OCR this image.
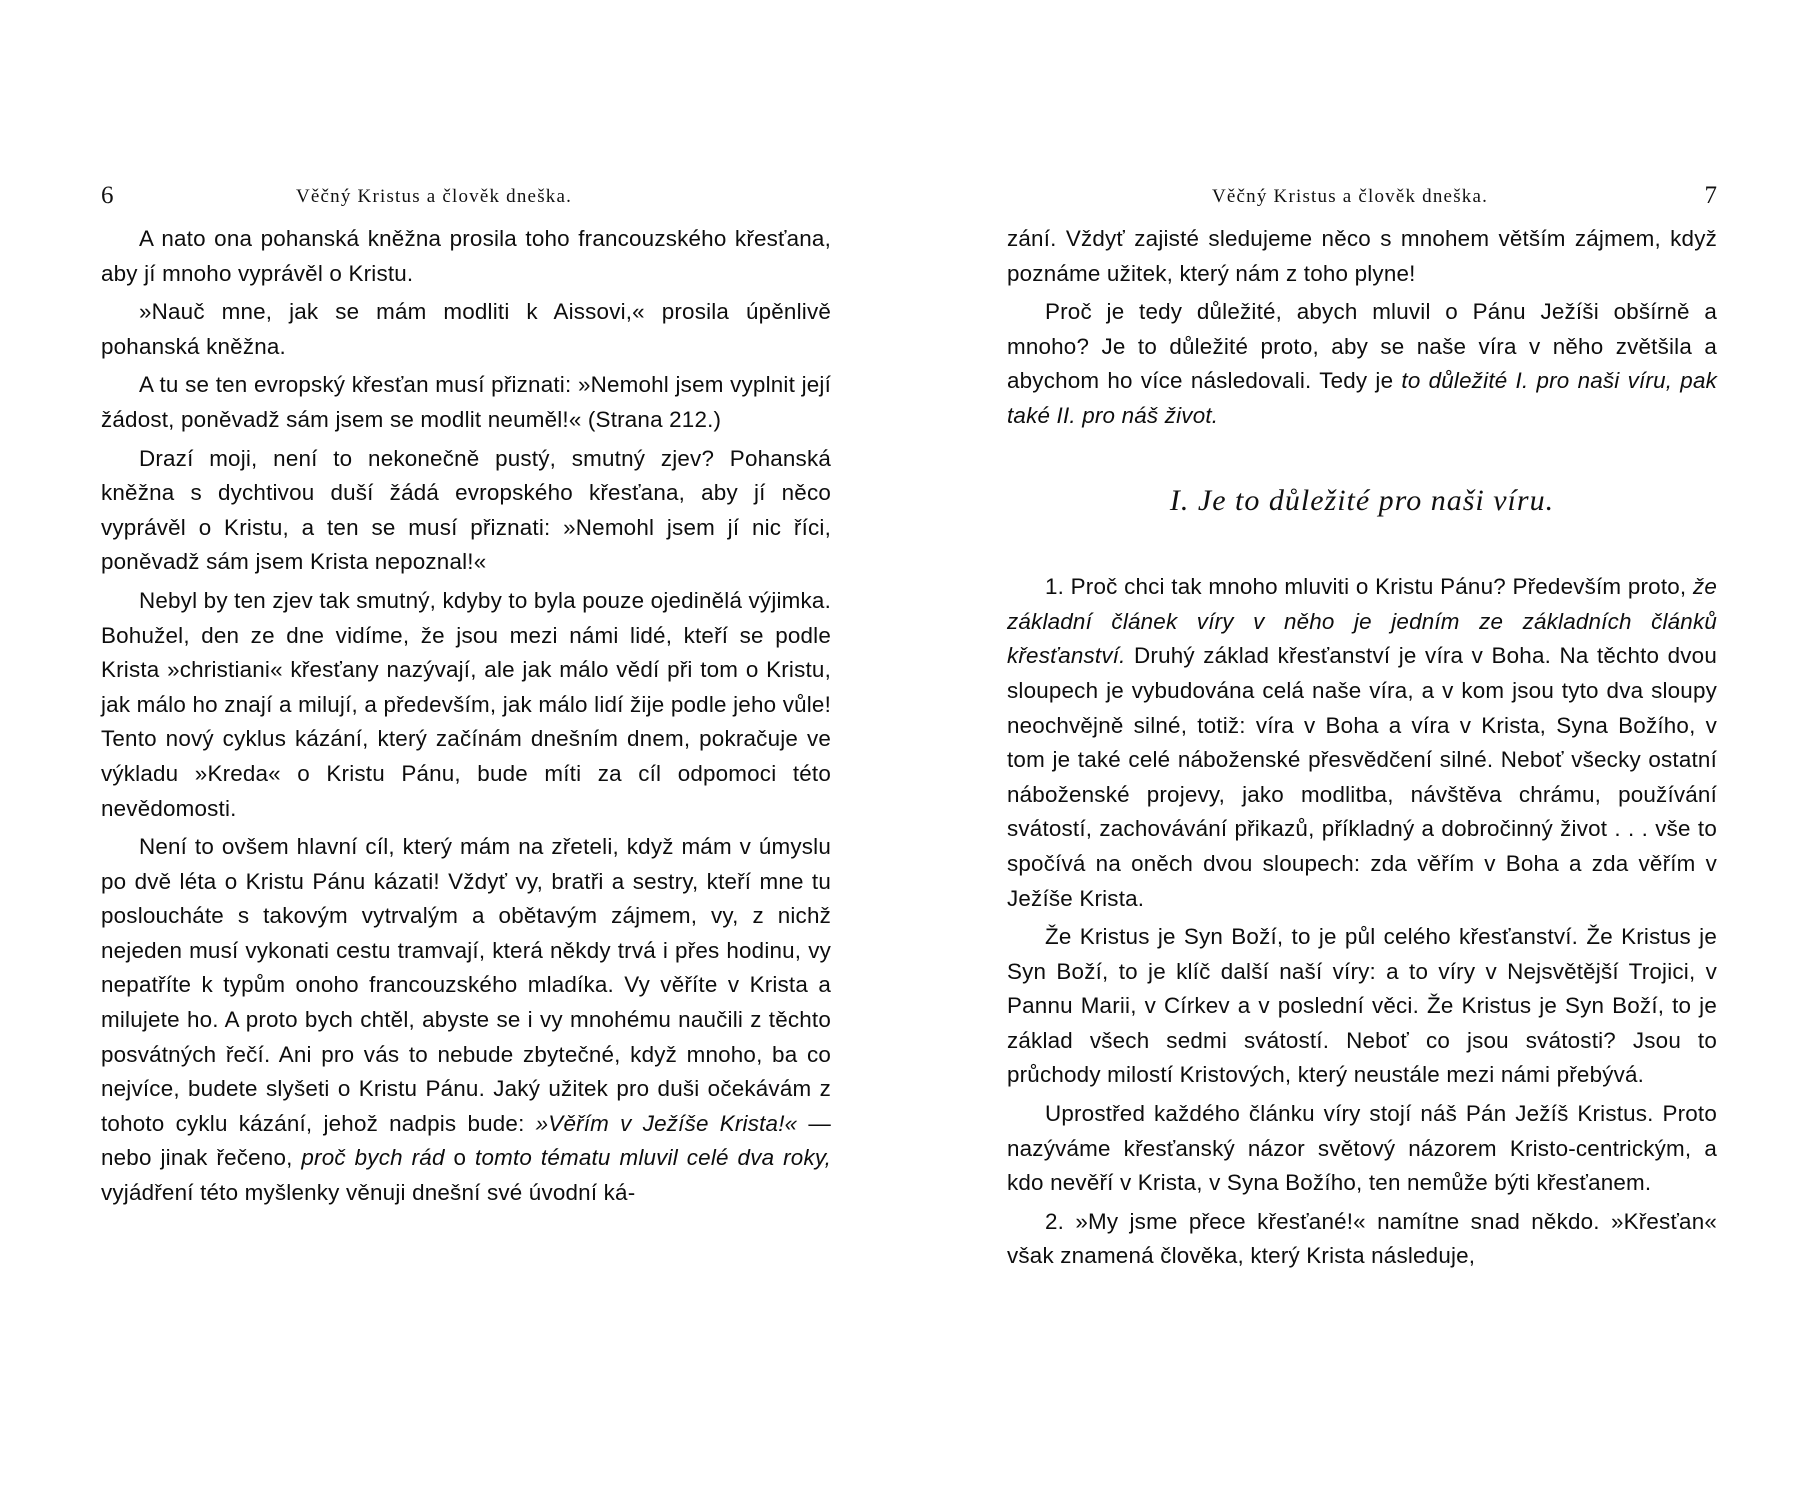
6	Věčný Kristus a člověk dneška.

A nato ona pohanská kněžna prosila toho francouzského křesťana, aby jí mnoho vyprávěl o Kristu.

»Nauč mne, jak se mám modliti k Aissovi,« prosila úpěnlivě pohanská kněžna.

A tu se ten evropský křesťan musí přiznati: »Nemohl jsem vyplnit její žádost, poněvadž sám jsem se modlit neuměl!« (Strana 212.)

Drazí moji, není to nekonečně pustý, smutný zjev? Pohanská kněžna s dychtivou duší žádá evropského křesťana, aby jí něco vyprávěl o Kristu, a ten se musí přiznati: »Nemohl jsem jí nic říci, poněvadž sám jsem Krista nepoznal!«

Nebyl by ten zjev tak smutný, kdyby to byla pouze ojedinělá výjimka. Bohužel, den ze dne vidíme, že jsou mezi námi lidé, kteří se podle Krista »christiani« křesťany nazývají, ale jak málo vědí při tom o Kristu, jak málo ho znají a milují, a především, jak málo lidí žije podle jeho vůle! Tento nový cyklus kázání, který začínám dnešním dnem, pokračuje ve výkladu »Kreda« o Kristu Pánu, bude míti za cíl odpomoci této nevědomosti.

Není to ovšem hlavní cíl, který mám na zřeteli, když mám v úmyslu po dvě léta o Kristu Pánu kázati! Vždyť vy, bratři a sestry, kteří mne tu posloucháte s takovým vytrvalým a obětavým zájmem, vy, z nichž nejeden musí vykonati cestu tramvají, která někdy trvá i přes hodinu, vy nepatříte k typům onoho francouzského mladíka. Vy věříte v Krista a milujete ho. A proto bych chtěl, abyste se i vy mnohému naučili z těchto posvátných řečí. Ani pro vás to nebude zbytečné, když mnoho, ba co nejvíce, budete slyšeti o Kristu Pánu. Jaký užitek pro duši očekávám z tohoto cyklu kázání, jehož nadpis bude: »Věřím v Ježíše Krista!« — nebo jinak řečeno, proč bych rád o tomto tématu mluvil celé dva roky, vyjádření této myšlenky věnuji dnešní své úvodní ká-

Věčný Kristus a člověk dneška.	7

zání. Vždyť zajisté sledujeme něco s mnohem větším zájmem, když poznáme užitek, který nám z toho plyne!

Proč je tedy důležité, abych mluvil o Pánu Ježíši obšírně a mnoho? Je to důležité proto, aby se naše víra v něho zvětšila a abychom ho více následovali. Tedy je to důležité I. pro naši víru, pak také II. pro náš život.

I. Je to důležité pro naši víru.

1. Proč chci tak mnoho mluviti o Kristu Pánu? Především proto, že základní článek víry v něho je jedním ze základních článků křesťanství. Druhý základ křesťanství je víra v Boha. Na těchto dvou sloupech je vybudována celá naše víra, a v kom jsou tyto dva sloupy neochvějně silné, totiž: víra v Boha a víra v Krista, Syna Božího, v tom je také celé náboženské přesvědčení silné. Neboť všecky ostatní náboženské projevy, jako modlitba, návštěva chrámu, používání svátostí, zachovávání přikazů, příkladný a dobročinný život . . . vše to spočívá na oněch dvou sloupech: zda věřím v Boha a zda věřím v Ježíše Krista.

Že Kristus je Syn Boží, to je půl celého křesťanství. Že Kristus je Syn Boží, to je klíč další naší víry: a to víry v Nejsvětější Trojici, v Pannu Marii, v Církev a v poslední věci. Že Kristus je Syn Boží, to je základ všech sedmi svátostí. Neboť co jsou svátosti? Jsou to průchody milostí Kristových, který neustále mezi námi přebývá.

Uprostřed každého článku víry stojí náš Pán Ježíš Kristus. Proto nazýváme křesťanský názor světový názorem Kristo-centrickým, a kdo nevěří v Krista, v Syna Božího, ten nemůže býti křesťanem.

2. »My jsme přece křesťané!« namítne snad někdo. »Křesťan« však znamená člověka, který Krista následuje,
